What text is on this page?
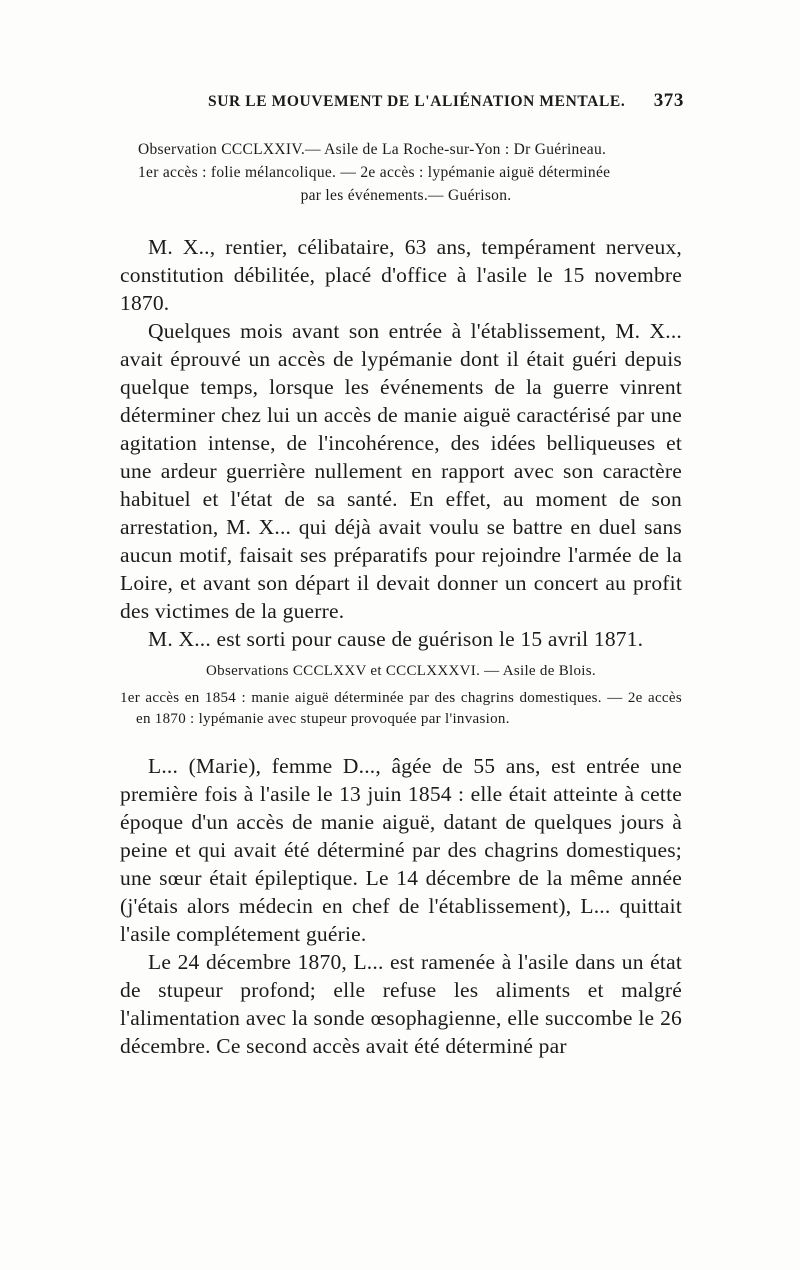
SUR LE MOUVEMENT DE L'ALIÉNATION MENTALE. 373
Observation CCCLXXIV.— Asile de La Roche-sur-Yon : Dr Guérineau.
1er accès : folie mélancolique. — 2e accès : lypémanie aiguë déterminée
par les événements.— Guérison.

M. X.., rentier, célibataire, 63 ans, tempérament nerveux, constitution débilitée, placé d'office à l'asile le 15 novembre 1870.

Quelques mois avant son entrée à l'établissement, M. X... avait éprouvé un accès de lypémanie dont il était guéri depuis quelque temps, lorsque les événements de la guerre vinrent déterminer chez lui un accès de manie aiguë caractérisé par une agitation intense, de l'incohérence, des idées belliqueuses et une ardeur guerrière nullement en rapport avec son caractère habituel et l'état de sa santé. En effet, au moment de son arrestation, M. X... qui déjà avait voulu se battre en duel sans aucun motif, faisait ses préparatifs pour rejoindre l'armée de la Loire, et avant son départ il devait donner un concert au profit des victimes de la guerre.

M. X... est sorti pour cause de guérison le 15 avril 1871.

Observations CCCLXXV et CCCLXXXVI. — Asile de Blois.
1er accès en 1854 : manie aiguë déterminée par des chagrins domestiques. — 2e accès en 1870 : lypémanie avec stupeur provoquée par l'invasion.

L... (Marie), femme D..., âgée de 55 ans, est entrée une première fois à l'asile le 13 juin 1854 : elle était atteinte à cette époque d'un accès de manie aiguë, datant de quelques jours à peine et qui avait été déterminé par des chagrins domestiques; une sœur était épileptique. Le 14 décembre de la même année (j'étais alors médecin en chef de l'établissement), L... quittait l'asile complétement guérie.

Le 24 décembre 1870, L... est ramenée à l'asile dans un état de stupeur profond; elle refuse les aliments et malgré l'alimentation avec la sonde œsophagienne, elle succombe le 26 décembre. Ce second accès avait été déterminé par
